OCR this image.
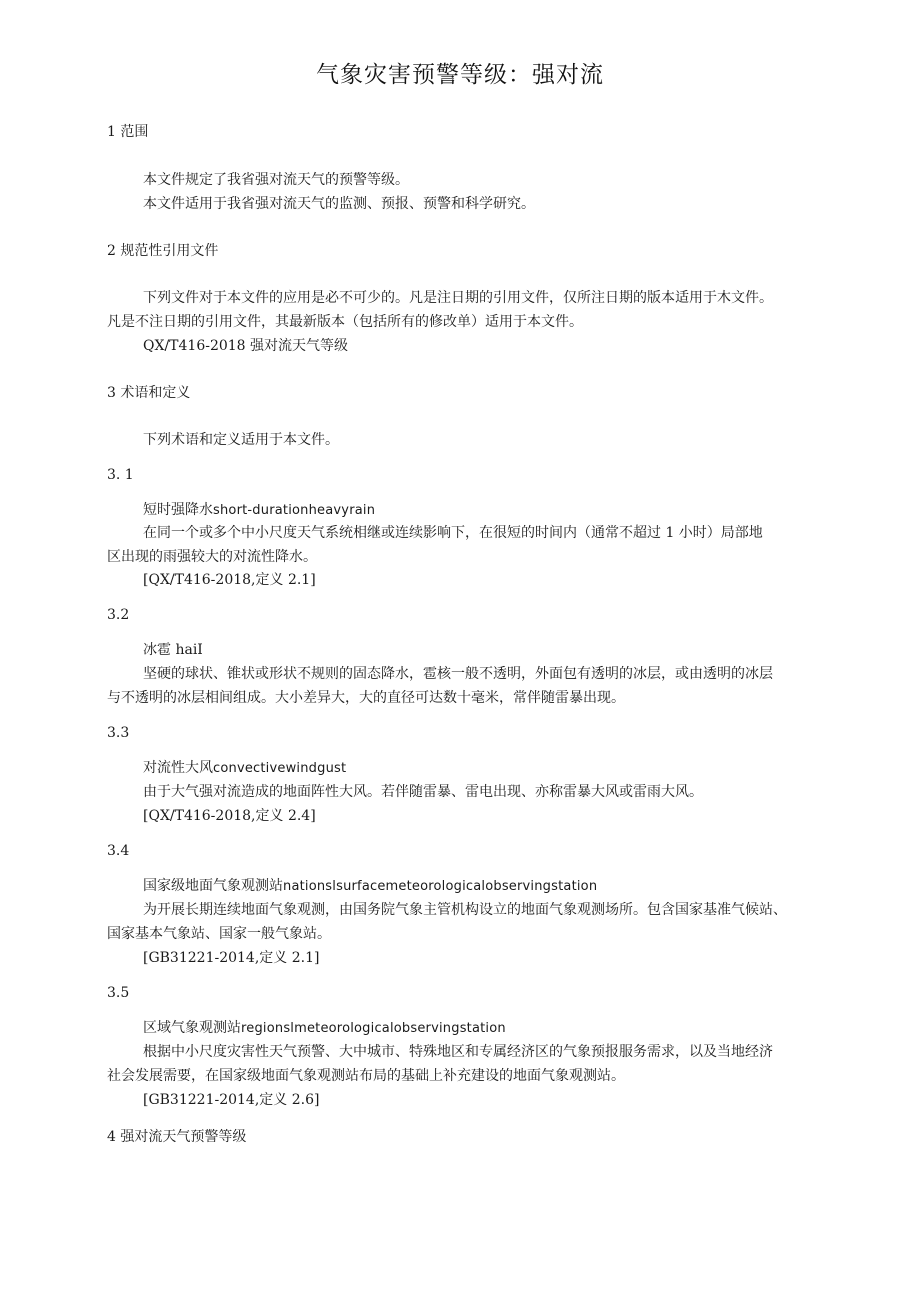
气象灾害预警等级：强对流
1 范围
本文件规定了我省强对流天气的预警等级。
本文件适用于我省强对流天气的监测、预报、预警和科学研究。
2 规范性引用文件
下列文件对于本文件的应用是必不可少的。凡是注日期的引用文件，仅所注日期的版本适用于木文件。
凡是不注日期的引用文件，其最新版本（包括所有的修改单）适用于本文件。
QX/T416-2018 强对流天气等级
3 术语和定义
下列术语和定义适用于本文件。
3. 1
短时强降水short-durationheavyrain
在同一个或多个中小尺度天气系统相继或连续影响下，在很短的时间内（通常不超过 1 小时）局部地
区出现的雨强较大的对流性降水。
[QX/T416-2018,定义 2.1]
3.2
冰雹 haiI
坚硬的球状、锥状或形状不规则的固态降水，雹核一般不透明，外面包有透明的冰层，或由透明的冰层
与不透明的冰层相间组成。大小差异大，大的直径可达数十毫米，常伴随雷暴出现。
3.3
对流性大风convectivewindgust
由于大气强对流造成的地面阵性大风。若伴随雷暴、雷电出现、亦称雷暴大风或雷雨大风。
[QX/T416-2018,定义 2.4]
3.4
国家级地面气象观测站nationslsurfacemeteorologicalobservingstation
为开展长期连续地面气象观测，由国务院气象主管机构设立的地面气象观测场所。包含国家基准气候站、
国家基本气象站、国家一般气象站。
[GB31221-2014,定义 2.1]
3.5
区域气象观测站regionslmeteorologicalobservingstation
根据中小尺度灾害性天气预警、大中城市、特殊地区和专属经济区的气象预报服务需求，以及当地经济
社会发展需要，在国家级地面气象观测站布局的基础上补充建设的地面气象观测站。
[GB31221-2014,定义 2.6]
4 强对流天气预警等级
